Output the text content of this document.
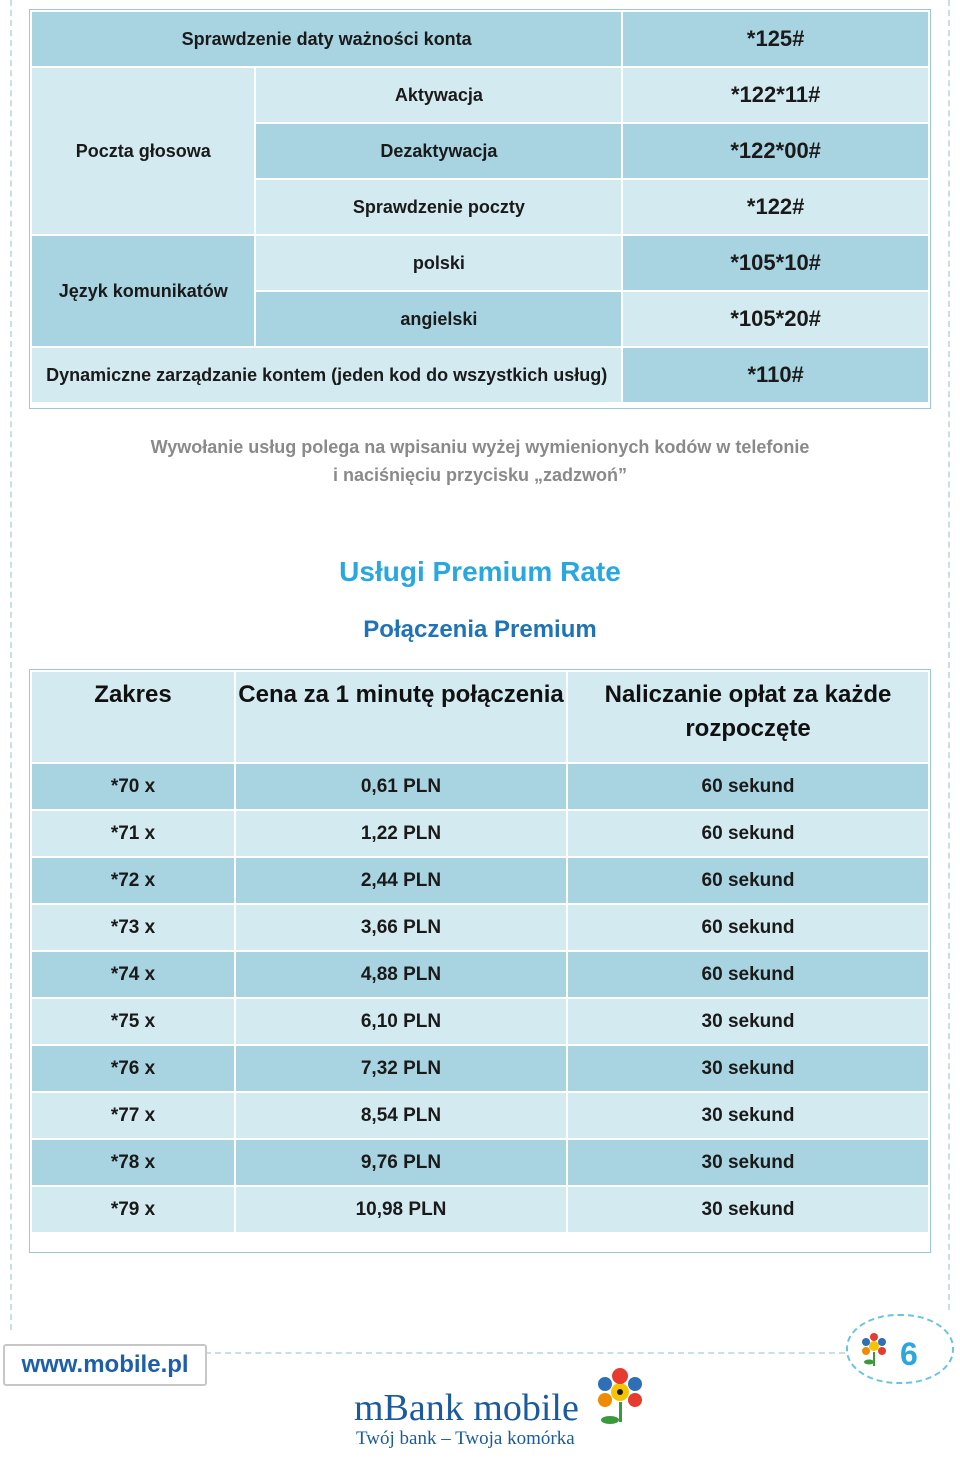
Sprawdzenie daty ważności konta		*125#
Poczta głosowa	Aktywacja	*122*11#
	Dezaktywacja	*122*00#
	Sprawdzenie poczty	*122#
Język komunikatów	polski	*105*10#
	angielski	*105*20#
Dynamiczne zarządzanie kontem (jeden kod do wszystkich usług)		*110#
Wywołanie usług polega na wpisaniu wyżej wymienionych kodów w telefonie
i naciśnięciu przycisku „zadzwoń”
Usługi Premium Rate
Połączenia Premium
Zakres	Cena za 1 minutę połączenia	Naliczanie opłat za każde rozpoczęte
*70 x	0,61 PLN	60 sekund
*71 x	1,22 PLN	60 sekund
*72 x	2,44 PLN	60 sekund
*73 x	3,66 PLN	60 sekund
*74 x	4,88 PLN	60 sekund
*75 x	6,10 PLN	30 sekund
*76 x	7,32 PLN	30 sekund
*77 x	8,54 PLN	30 sekund
*78 x	9,76 PLN	30 sekund
*79 x	10,98 PLN	30 sekund
www.mobile.pl	6
mBank mobile
Twój bank – Twoja komórka
